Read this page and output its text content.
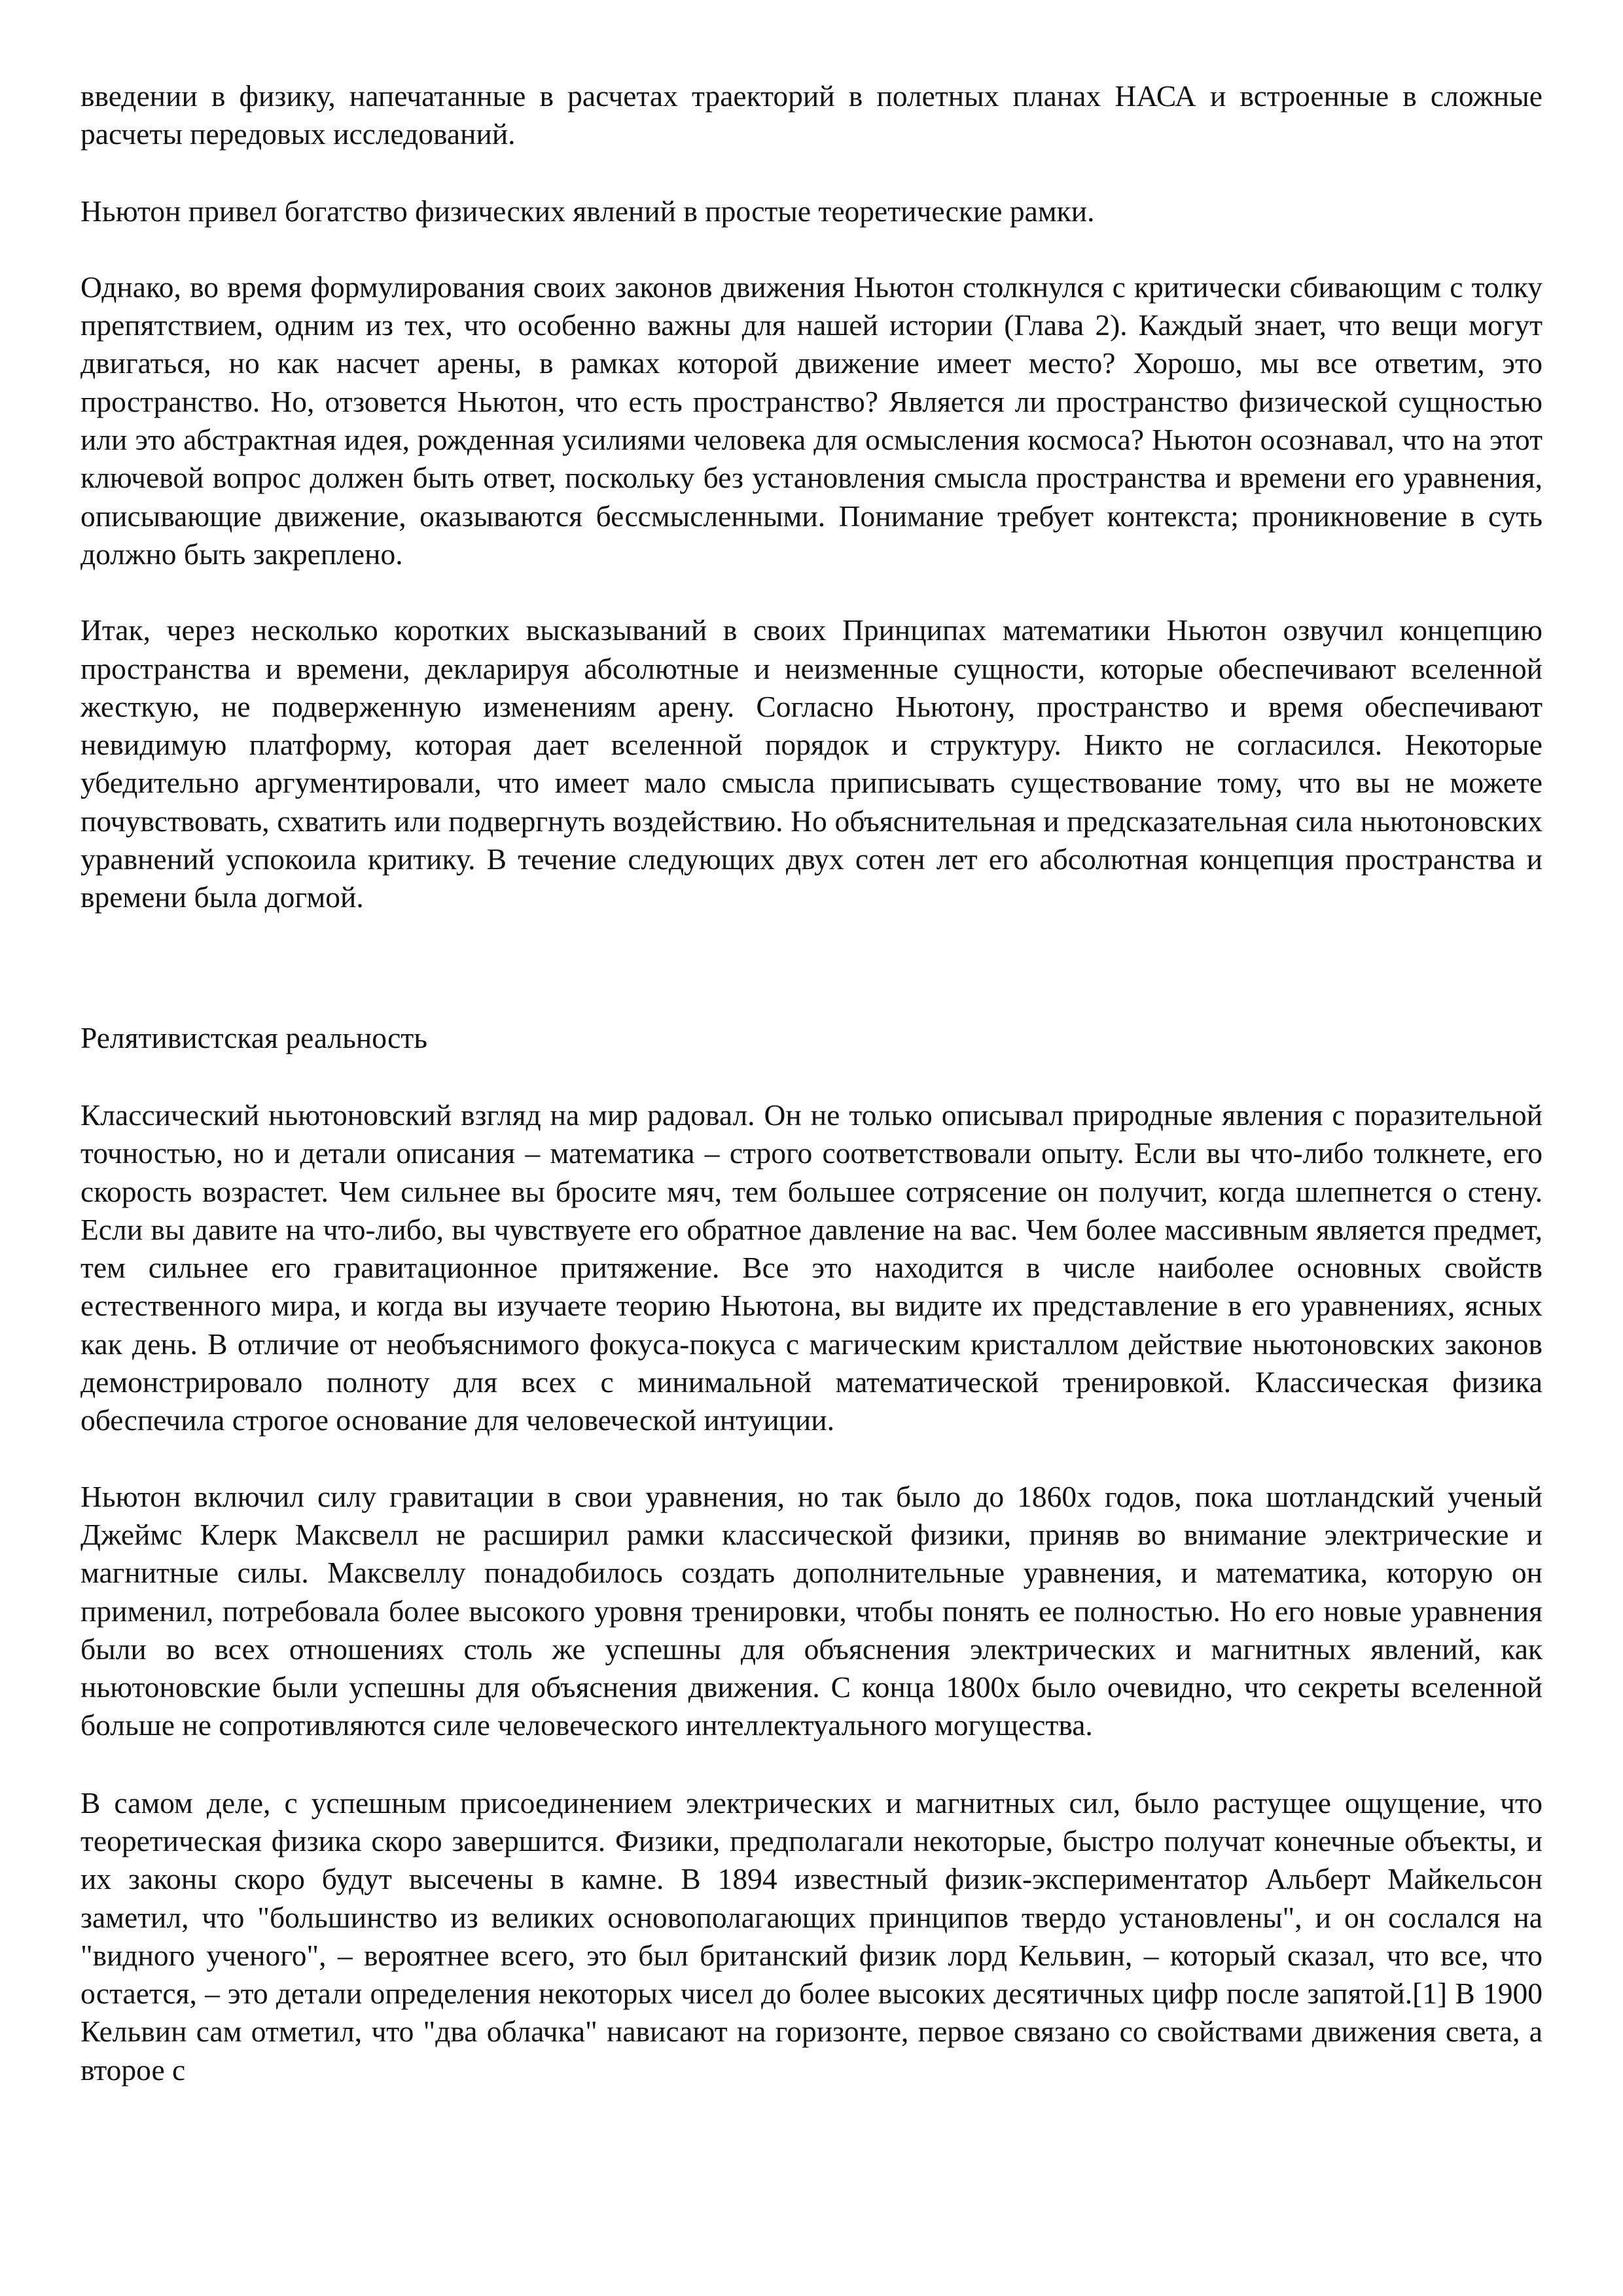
введении в физику, напечатанные в расчетах траекторий в полетных планах НАСА и встроенные в сложные расчеты передовых исследований.

Ньютон привел богатство физических явлений в простые теоретические рамки.

Однако, во время формулирования своих законов движения Ньютон столкнулся с критически сбивающим с толку препятствием, одним из тех, что особенно важны для нашей истории (Глава 2). Каждый знает, что вещи могут двигаться, но как насчет арены, в рамках которой движение имеет место? Хорошо, мы все ответим, это пространство. Но, отзовется Ньютон, что есть пространство? Является ли пространство физической сущностью или это абстрактная идея, рожденная усилиями человека для осмысления космоса? Ньютон осознавал, что на этот ключевой вопрос должен быть ответ, поскольку без установления смысла пространства и времени его уравнения, описывающие движение, оказываются бессмысленными. Понимание требует контекста; проникновение в суть должно быть закреплено.

Итак, через несколько коротких высказываний в своих Принципах математики Ньютон озвучил концепцию пространства и времени, декларируя абсолютные и неизменные сущности, которые обеспечивают вселенной жесткую, не подверженную изменениям арену. Согласно Ньютону, пространство и время обеспечивают невидимую платформу, которая дает вселенной порядок и структуру. Никто не согласился. Некоторые убедительно аргументировали, что имеет мало смысла приписывать существование тому, что вы не можете почувствовать, схватить или подвергнуть воздействию. Но объяснительная и предсказательная сила ньютоновских уравнений успокоила критику. В течение следующих двух сотен лет его абсолютная концепция пространства и времени была догмой.

Релятивистская реальность

Классический ньютоновский взгляд на мир радовал. Он не только описывал природные явления с поразительной точностью, но и детали описания – математика – строго соответствовали опыту. Если вы что-либо толкнете, его скорость возрастет. Чем сильнее вы бросите мяч, тем большее сотрясение он получит, когда шлепнется о стену. Если вы давите на что-либо, вы чувствуете его обратное давление на вас. Чем более массивным является предмет, тем сильнее его гравитационное притяжение. Все это находится в числе наиболее основных свойств естественного мира, и когда вы изучаете теорию Ньютона, вы видите их представление в его уравнениях, ясных как день. В отличие от необъяснимого фокуса-покуса с магическим кристаллом действие ньютоновских законов демонстрировало полноту для всех с минимальной математической тренировкой. Классическая физика обеспечила строгое основание для человеческой интуиции.

Ньютон включил силу гравитации в свои уравнения, но так было до 1860х годов, пока шотландский ученый Джеймс Клерк Максвелл не расширил рамки классической физики, приняв во внимание электрические и магнитные силы. Максвеллу понадобилось создать дополнительные уравнения, и математика, которую он применил, потребовала более высокого уровня тренировки, чтобы понять ее полностью. Но его новые уравнения были во всех отношениях столь же успешны для объяснения электрических и магнитных явлений, как ньютоновские были успешны для объяснения движения. С конца 1800х было очевидно, что секреты вселенной больше не сопротивляются силе человеческого интеллектуального могущества.

В самом деле, с успешным присоединением электрических и магнитных сил, было растущее ощущение, что теоретическая физика скоро завершится. Физики, предполагали некоторые, быстро получат конечные объекты, и их законы скоро будут высечены в камне. В 1894 известный физик-экспериментатор Альберт Майкельсон заметил, что "большинство из великих основополагающих принципов твердо установлены", и он сослался на "видного ученого", – вероятнее всего, это был британский физик лорд Кельвин, – который сказал, что все, что остается, – это детали определения некоторых чисел до более высоких десятичных цифр после запятой.[1] В 1900 Кельвин сам отметил, что "два облачка" нависают на горизонте, первое связано со свойствами движения света, а второе с
